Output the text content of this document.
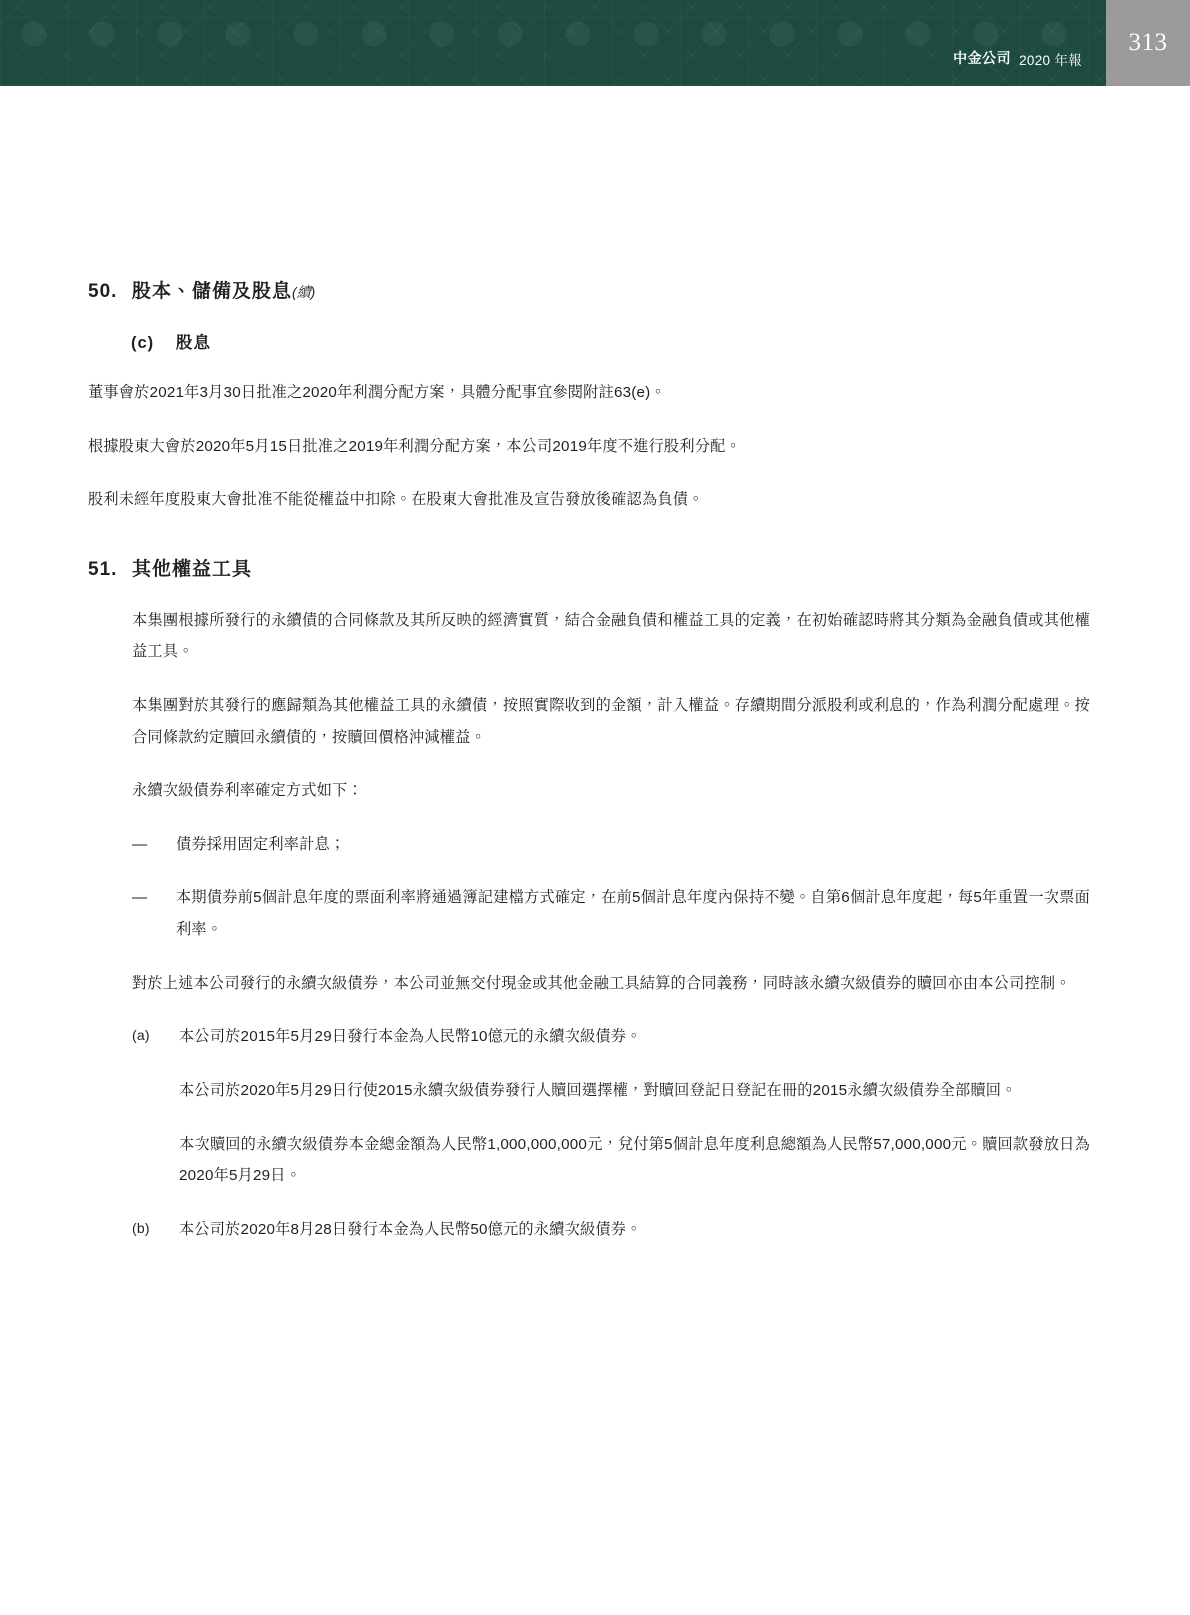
中金公司 2020 年報
313
50. 股本、儲備及股息(續)
(c)	股息

董事會於2021年3月30日批准之2020年利潤分配方案，具體分配事宜參閱附註63(e)。

根據股東大會於2020年5月15日批准之2019年利潤分配方案，本公司2019年度不進行股利分配。

股利未經年度股東大會批准不能從權益中扣除。在股東大會批准及宣告發放後確認為負債。

51. 其他權益工具

本集團根據所發行的永續債的合同條款及其所反映的經濟實質，結合金融負債和權益工具的定義，在初始確認時將其分類為金融負債或其他權益工具。

本集團對於其發行的應歸類為其他權益工具的永續債，按照實際收到的金額，計入權益。存續期間分派股利或利息的，作為利潤分配處理。按合同條款約定贖回永續債的，按贖回價格沖減權益。

永續次級債券利率確定方式如下：

—	債券採用固定利率計息；
—	本期債券前5個計息年度的票面利率將通過簿記建檔方式確定，在前5個計息年度內保持不變。自第6個計息年度起，每5年重置一次票面利率。

對於上述本公司發行的永續次級債券，本公司並無交付現金或其他金融工具結算的合同義務，同時該永續次級債券的贖回亦由本公司控制。

(a)	本公司於2015年5月29日發行本金為人民幣10億元的永續次級債券。

本公司於2020年5月29日行使2015永續次級債券發行人贖回選擇權，對贖回登記日登記在冊的2015永續次級債券全部贖回。

本次贖回的永續次級債券本金總金額為人民幣1,000,000,000元，兌付第5個計息年度利息總額為人民幣57,000,000元。贖回款發放日為2020年5月29日。

(b)	本公司於2020年8月28日發行本金為人民幣50億元的永續次級債券。
